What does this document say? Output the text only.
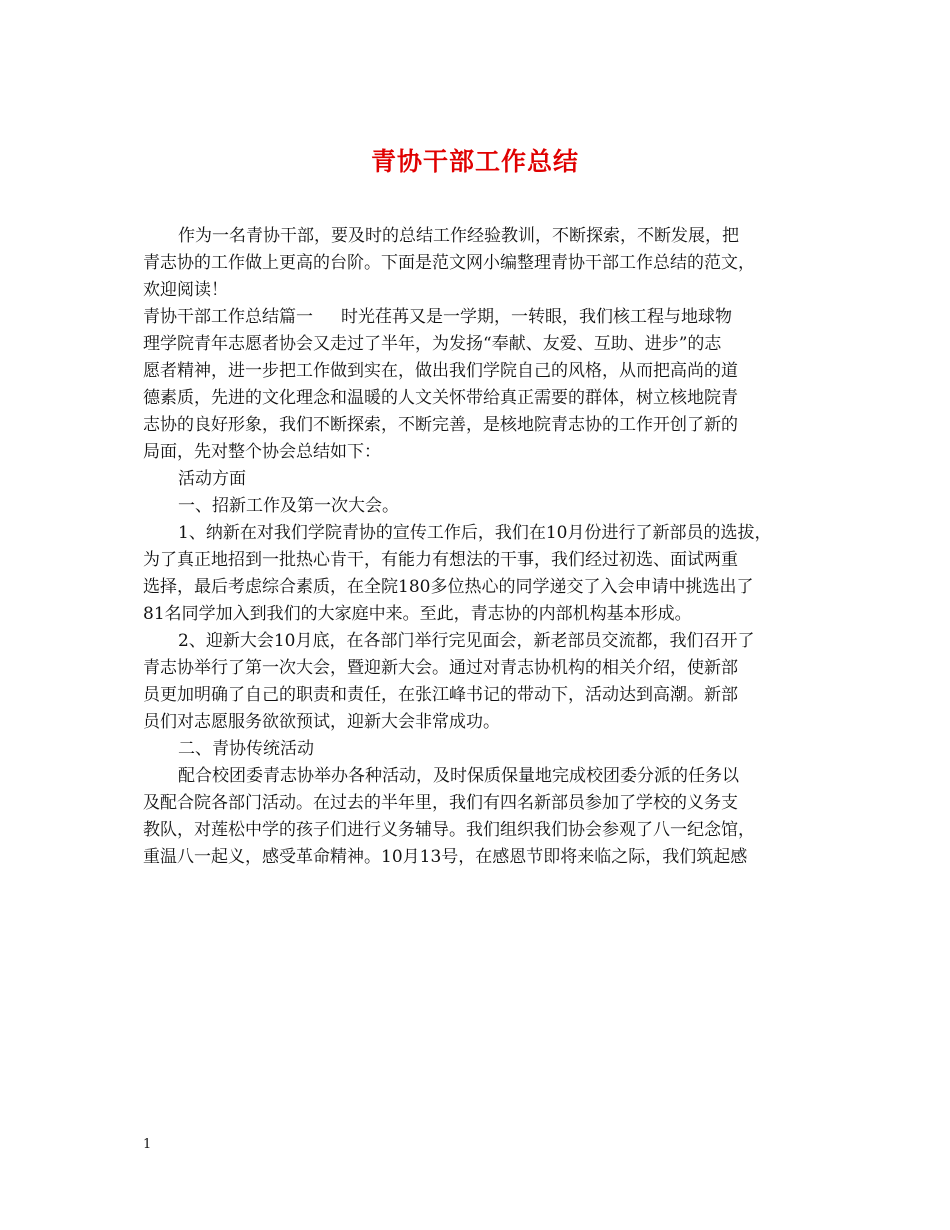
青协干部工作总结
作为一名青协干部，要及时的总结工作经验教训，不断探索，不断发展，把
青志协的工作做上更高的台阶。下面是范文网小编整理青协干部工作总结的范文，
欢迎阅读！
青协干部工作总结篇一 时光荏苒又是一学期，一转眼，我们核工程与地球物
理学院青年志愿者协会又走过了半年，为发扬“奉献、友爱、互助、进步”的志
愿者精神，进一步把工作做到实在，做出我们学院自己的风格，从而把高尚的道
德素质，先进的文化理念和温暖的人文关怀带给真正需要的群体，树立核地院青
志协的良好形象，我们不断探索，不断完善，是核地院青志协的工作开创了新的
局面，先对整个协会总结如下：
活动方面
一、招新工作及第一次大会。
1、纳新在对我们学院青协的宣传工作后，我们在10月份进行了新部员的选拔，
为了真正地招到一批热心肯干，有能力有想法的干事，我们经过初选、面试两重
选择，最后考虑综合素质，在全院180多位热心的同学递交了入会申请中挑选出了
81名同学加入到我们的大家庭中来。至此，青志协的内部机构基本形成。
2、迎新大会10月底，在各部门举行完见面会，新老部员交流都，我们召开了
青志协举行了第一次大会，暨迎新大会。通过对青志协机构的相关介绍，使新部
员更加明确了自己的职责和责任，在张江峰书记的带动下，活动达到高潮。新部
员们对志愿服务欲欲预试，迎新大会非常成功。
二、青协传统活动
配合校团委青志协举办各种活动，及时保质保量地完成校团委分派的任务以
及配合院各部门活动。在过去的半年里，我们有四名新部员参加了学校的义务支
教队，对莲松中学的孩子们进行义务辅导。我们组织我们协会参观了八一纪念馆，
重温八一起义，感受革命精神。10月13号，在感恩节即将来临之际，我们筑起感
1
